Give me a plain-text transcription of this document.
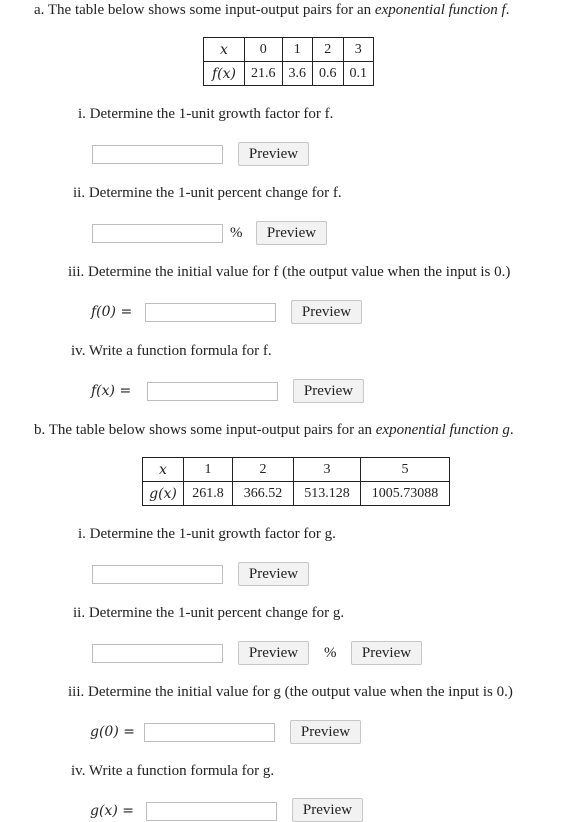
a. The table below shows some input-output pairs for an exponential function f.
x	0	1	2	3
f(x)	21.6	3.6	0.6	0.1
i. Determine the 1-unit growth factor for f.
Preview
ii. Determine the 1-unit percent change for f.
%	Preview
iii. Determine the initial value for f (the output value when the input is 0.)
f(0) =	Preview
iv. Write a function formula for f.
f(x) =	Preview
b. The table below shows some input-output pairs for an exponential function g.
x	1	2	3	5
g(x)	261.8	366.52	513.128	1005.73088
i. Determine the 1-unit growth factor for g.
Preview
ii. Determine the 1-unit percent change for g.
Preview	%	Preview
iii. Determine the initial value for g (the output value when the input is 0.)
g(0) =	Preview
iv. Write a function formula for g.
g(x) =	Preview
